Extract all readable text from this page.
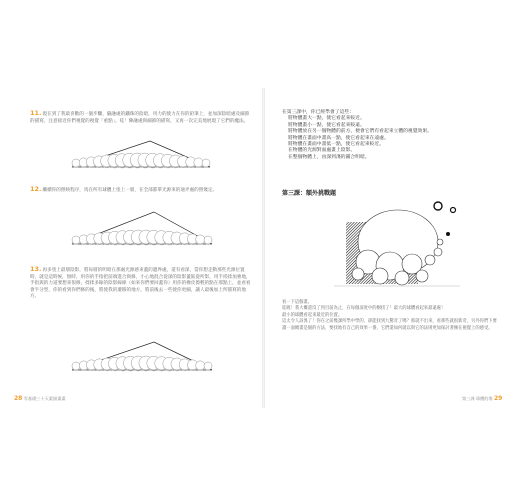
11.現在到了我最喜歡的一個步驟，隨融處的鐵珠的陰暗，用力的使力在你的鉛筆上，並加深陰暗處及細節的描寫，注意接近你們視覺的視覺「重點」。哇！陳融處與細節的描寫，又再一次完美地展現了它們的魔法。
12.繼續你的照映程序，馬在所有球體上塗上一層，在全部都單光源來的通弄處的照幾定。
13.再多塗上最層陰影，將每層的明暗在那處光源感來蓋的邊界處，還有看深，當你想走動那些光源位置時，就是這時候，無時，用你的手指把前端進合與修，小心地混合從深的陰影蓋區從所影，用手搓揉加強地，手指與的力道要想來很修，揉揉多餘的陰影線條（如來你們要回蓋你）用你的橡皮擦輕的點在那點上，並看看會半分型，你的看到你們修的後，將使我的遷移的地方，將前後去一些使你更細，讓人最後加上所描寫的地方。
28 零基礎三十天素描畫畫
在第三課中，你已經學會了這些：
將物體畫大一點，使它看起來較近。
將物體畫小一點，使它看起來較遠。
將物體放在另一個物體的前方，便會它們有看起來立體的視覺效果。
將物體在畫面中畫高一點，使它看起來在遠處。
將物體在畫面中畫低一點，使它看起來較近。
在物體的光源對面處畫上陰影。
在整個物體上，由深到淺的鋪合明暗。
第三課：額外挑戰題
看一下這個畫。
哇喔！我大概還沒了到目前為止，在每個深度中的樹找了！最大的球體看起來最遠處！
最小的球體看起來最近的位置。
這太令人訝異了！你在之前幾課所學中學的，卻能找到九驚奇了嗎？那就不出來，看那些就很新奇，另外你們下要讀一面總畫是個的方法，要找地有自己的效果一番，它們還如何就以與它的法則更加探討著擁在視覺上的感受。
第三課 球體的堆 29
